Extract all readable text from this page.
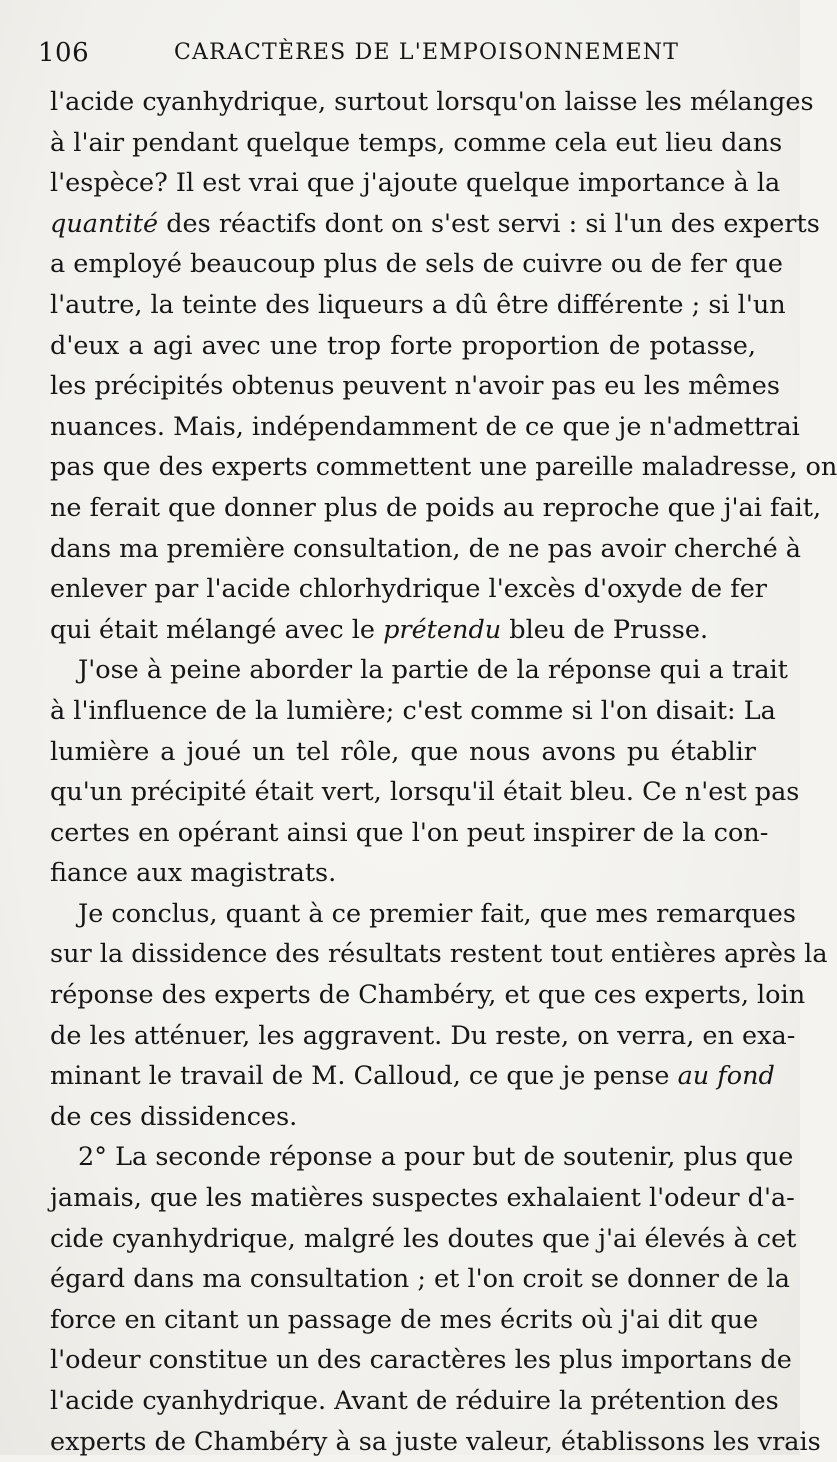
106	CARACTÈRES DE L'EMPOISONNEMENT
l'acide cyanhydrique, surtout lorsqu'on laisse les mélanges
à l'air pendant quelque temps, comme cela eut lieu dans
l'espèce? Il est vrai que j'ajoute quelque importance à la
quantité des réactifs dont on s'est servi : si l'un des experts
a employé beaucoup plus de sels de cuivre ou de fer que
l'autre, la teinte des liqueurs a dû être différente ; si l'un
d'eux a agi avec une trop forte proportion de potasse,
les précipités obtenus peuvent n'avoir pas eu les mêmes
nuances. Mais, indépendamment de ce que je n'admettrai
pas que des experts commettent une pareille maladresse, on
ne ferait que donner plus de poids au reproche que j'ai fait,
dans ma première consultation, de ne pas avoir cherché à
enlever par l'acide chlorhydrique l'excès d'oxyde de fer
qui était mélangé avec le prétendu bleu de Prusse.
J'ose à peine aborder la partie de la réponse qui a trait
à l'influence de la lumière; c'est comme si l'on disait: La
lumière a joué un tel rôle, que nous avons pu établir
qu'un précipité était vert, lorsqu'il était bleu. Ce n'est pas
certes en opérant ainsi que l'on peut inspirer de la con-
fiance aux magistrats.
Je conclus, quant à ce premier fait, que mes remarques
sur la dissidence des résultats restent tout entières après la
réponse des experts de Chambéry, et que ces experts, loin
de les atténuer, les aggravent. Du reste, on verra, en exa-
minant le travail de M. Calloud, ce que je pense au fond
de ces dissidences.
2° La seconde réponse a pour but de soutenir, plus que
jamais, que les matières suspectes exhalaient l'odeur d'a-
cide cyanhydrique, malgré les doutes que j'ai élevés à cet
égard dans ma consultation ; et l'on croit se donner de la
force en citant un passage de mes écrits où j'ai dit que
l'odeur constitue un des caractères les plus importans de
l'acide cyanhydrique. Avant de réduire la prétention des
experts de Chambéry à sa juste valeur, établissons les vrais
